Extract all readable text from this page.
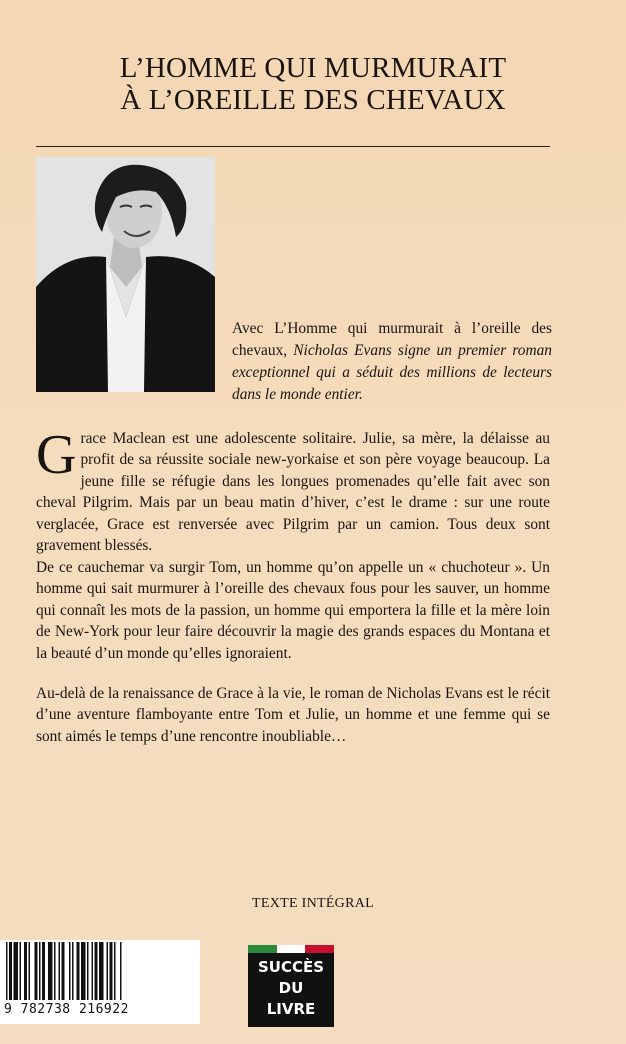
L’HOMME QUI MURMURAIT
À L’OREILLE DES CHEVAUX
Avec L’Homme qui murmurait à l’oreille des chevaux, Nicholas Evans signe un premier roman exceptionnel qui a séduit des millions de lecteurs dans le monde entier.
Grace Maclean est une adolescente solitaire. Julie, sa mère, la délaisse au profit de sa réussite sociale new-yorkaise et son père voyage beaucoup. La jeune fille se réfugie dans les longues promenades qu’elle fait avec son cheval Pilgrim. Mais par un beau matin d’hiver, c’est le drame : sur une route verglacée, Grace est renversée avec Pilgrim par un camion. Tous deux sont gravement blessés.
De ce cauchemar va surgir Tom, un homme qu’on appelle un « chuchoteur ». Un homme qui sait murmurer à l’oreille des chevaux fous pour les sauver, un homme qui connaît les mots de la passion, un homme qui emportera la fille et la mère loin de New-York pour leur faire découvrir la magie des grands espaces du Montana et la beauté d’un monde qu’elles ignoraient.
Au-delà de la renaissance de Grace à la vie, le roman de Nicholas Evans est le récit d’une aventure flamboyante entre Tom et Julie, un homme et une femme qui se sont aimés le temps d’une rencontre inoubliable…
TEXTE INTÉGRAL
9 782738 216922
SUCCÈS
DU
LIVRE
